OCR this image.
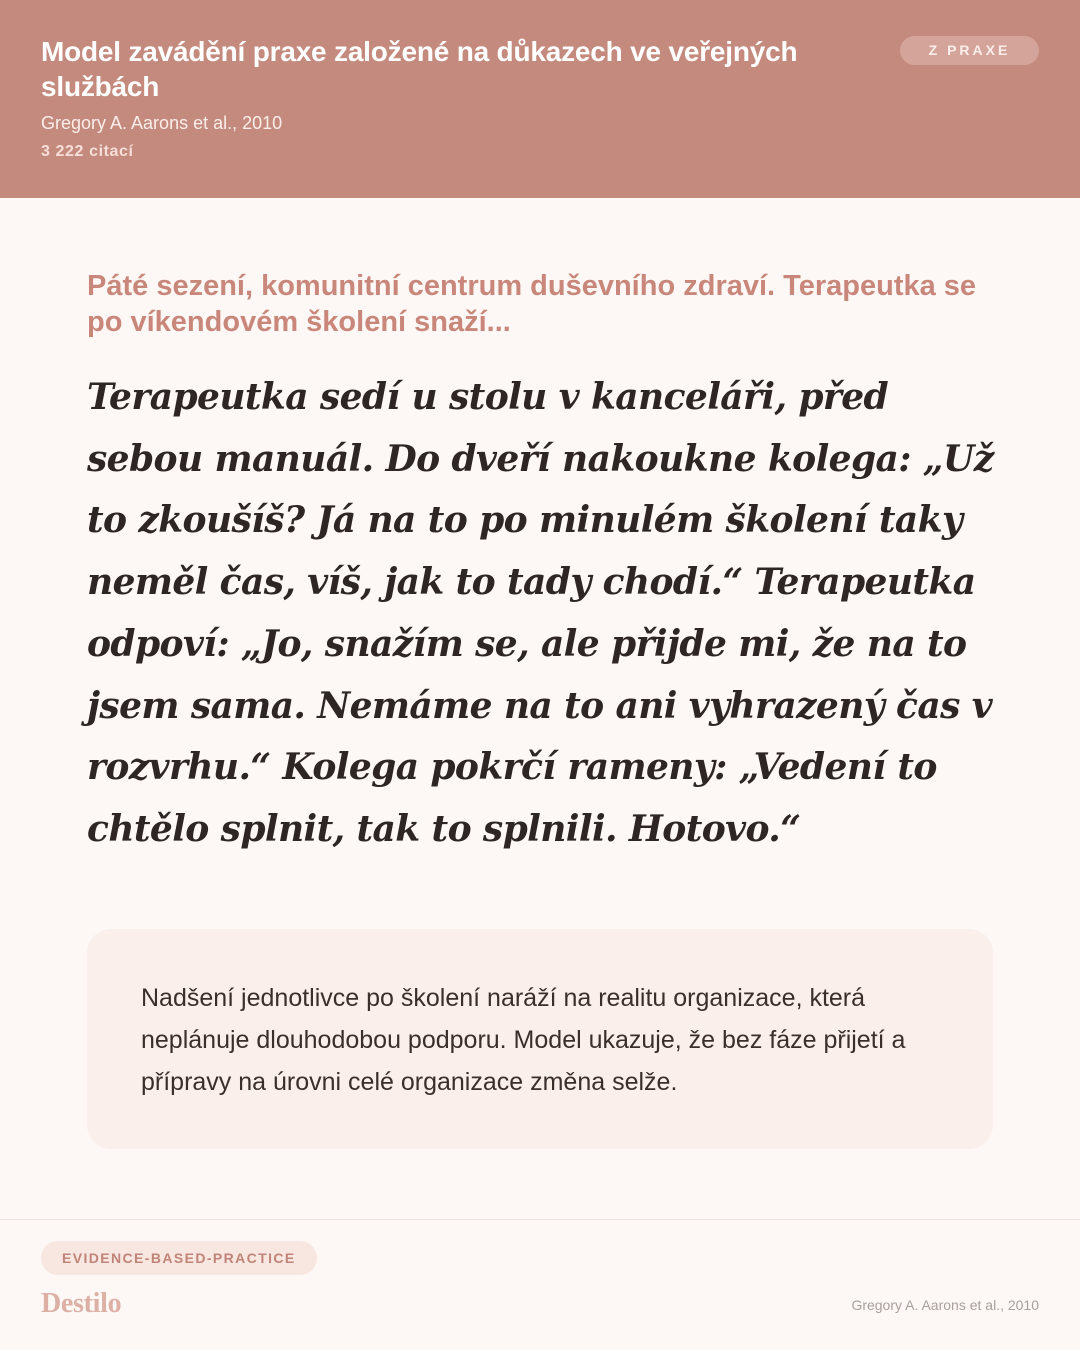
Model zavádění praxe založené na důkazech ve veřejných službách
Gregory A. Aarons et al., 2010
3 222 citací
Z PRAXE
Páté sezení, komunitní centrum duševního zdraví. Terapeutka se po víkendovém školení snaží...
Terapeutka sedí u stolu v kanceláři, před sebou manuál. Do dveří nakoukne kolega: „Už to zkoušíš? Já na to po minulém školení taky neměl čas, víš, jak to tady chodí.“ Terapeutka odpoví: „Jo, snažím se, ale přijde mi, že na to jsem sama. Nemáme na to ani vyhrazený čas v rozvrhu.“ Kolega pokrčí rameny: „Vedení to chtělo splnit, tak to splnili. Hotovo.“
Nadšení jednotlivce po školení naráží na realitu organizace, která neplánuje dlouhodobou podporu. Model ukazuje, že bez fáze přijetí a přípravy na úrovni celé organizace změna selže.
EVIDENCE-BASED-PRACTICE
Destilo	Gregory A. Aarons et al., 2010
